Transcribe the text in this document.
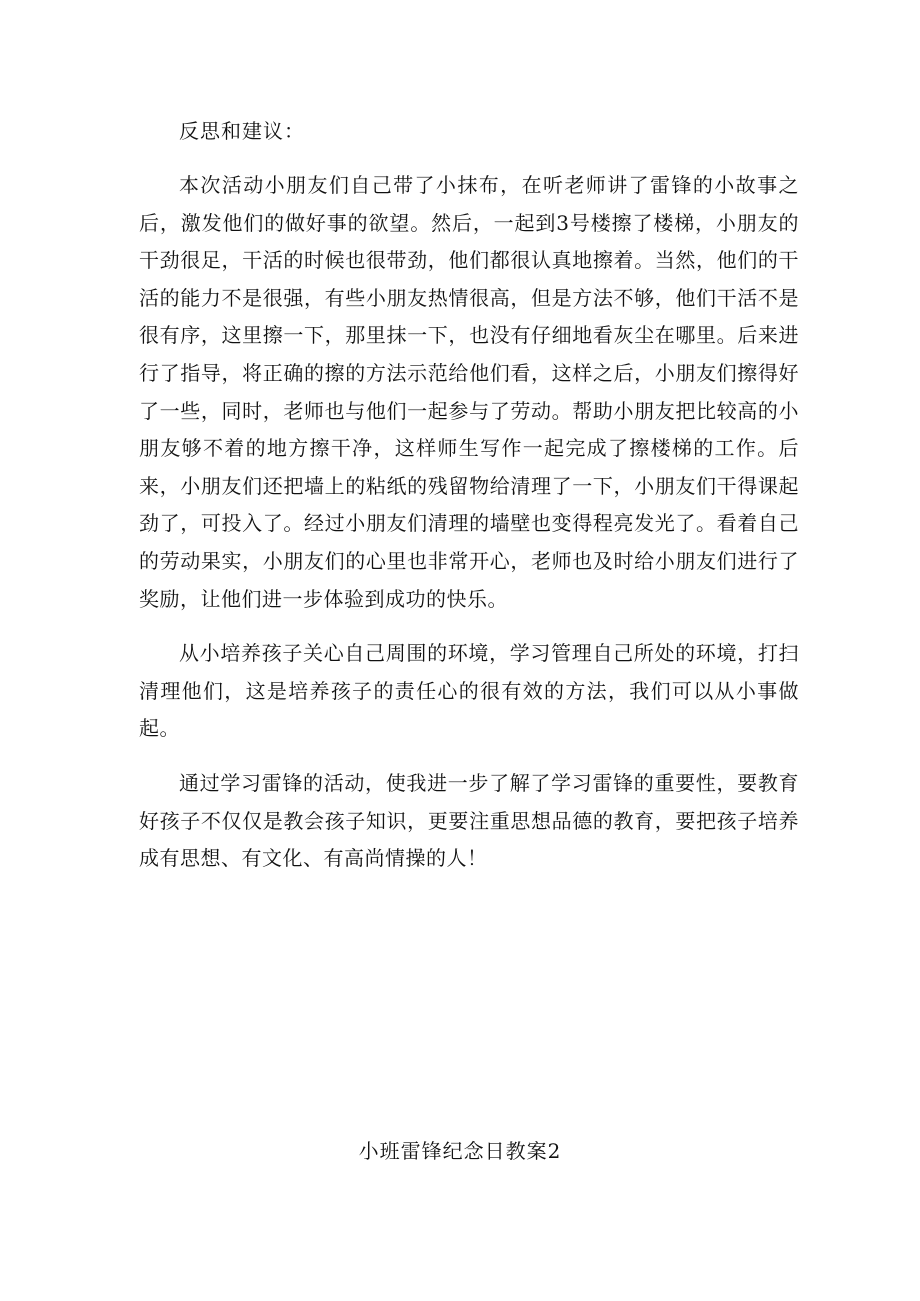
反思和建议：

本次活动小朋友们自己带了小抹布，在听老师讲了雷锋的小故事之后，激发他们的做好事的欲望。然后，一起到3号楼擦了楼梯，小朋友的干劲很足，干活的时候也很带劲，他们都很认真地擦着。当然，他们的干活的能力不是很强，有些小朋友热情很高，但是方法不够，他们干活不是很有序，这里擦一下，那里抹一下，也没有仔细地看灰尘在哪里。后来进行了指导，将正确的擦的方法示范给他们看，这样之后，小朋友们擦得好了一些，同时，老师也与他们一起参与了劳动。帮助小朋友把比较高的小朋友够不着的地方擦干净，这样师生写作一起完成了擦楼梯的工作。后来，小朋友们还把墙上的粘纸的残留物给清理了一下，小朋友们干得课起劲了，可投入了。经过小朋友们清理的墙壁也变得程亮发光了。看着自己的劳动果实，小朋友们的心里也非常开心，老师也及时给小朋友们进行了奖励，让他们进一步体验到成功的快乐。

从小培养孩子关心自己周围的环境，学习管理自己所处的环境，打扫清理他们，这是培养孩子的责任心的很有效的方法，我们可以从小事做起。

通过学习雷锋的活动，使我进一步了解了学习雷锋的重要性，要教育好孩子不仅仅是教会孩子知识，更要注重思想品德的教育，要把孩子培养成有思想、有文化、有高尚情操的人！

小班雷锋纪念日教案2
